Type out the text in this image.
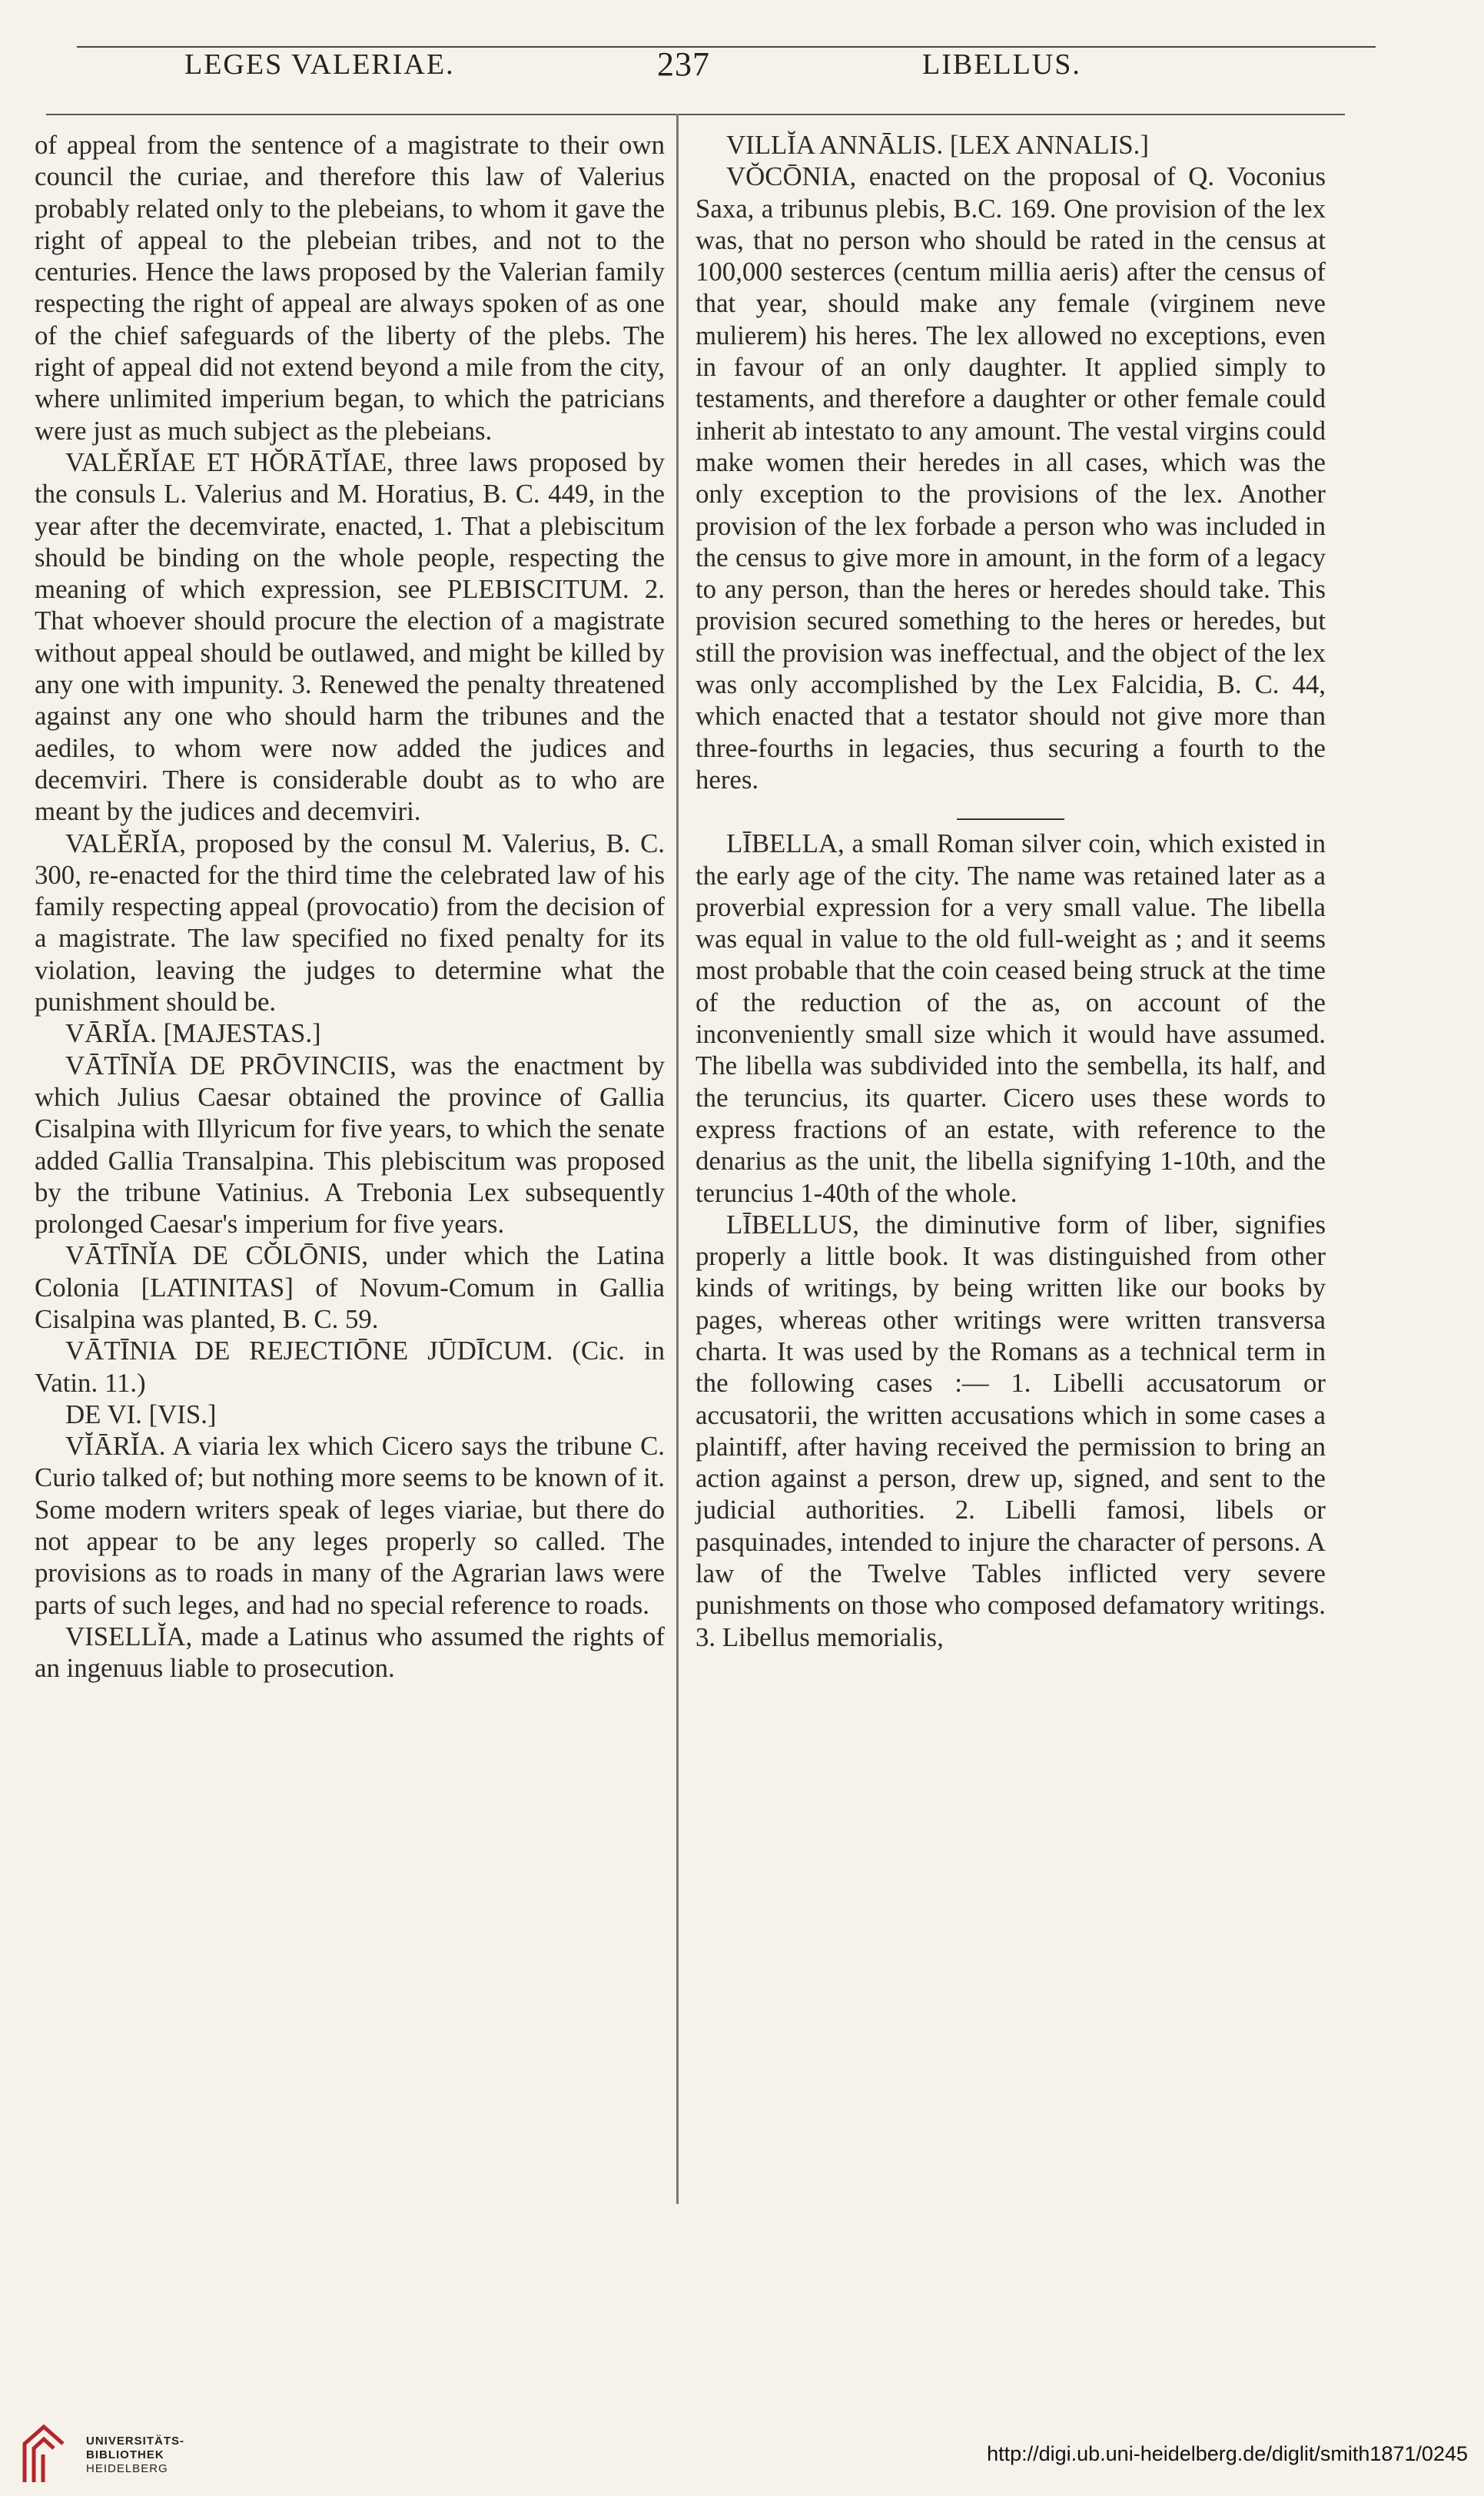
LEGES VALERIAE.	237	LIBELLUS.

of appeal from the sentence of a magistrate to their own council the curiae, and therefore this law of Valerius probably related only to the plebeians, to whom it gave the right of appeal to the plebeian tribes, and not to the centuries. Hence the laws proposed by the Valerian family respecting the right of appeal are always spoken of as one of the chief safeguards of the liberty of the plebs. The right of appeal did not extend beyond a mile from the city, where unlimited imperium began, to which the patricians were just as much subject as the plebeians.

VALĔRĬAE ET HŎRĀTĬAE, three laws proposed by the consuls L. Valerius and M. Horatius, B. C. 449, in the year after the decemvirate, enacted, 1. That a plebiscitum should be binding on the whole people, respecting the meaning of which expression, see PLEBISCITUM. 2. That whoever should procure the election of a magistrate without appeal should be outlawed, and might be killed by any one with impunity. 3. Renewed the penalty threatened against any one who should harm the tribunes and the aediles, to whom were now added the judices and decemviri. There is considerable doubt as to who are meant by the judices and decemviri.

VALĔRĬA, proposed by the consul M. Valerius, B. C. 300, re-enacted for the third time the celebrated law of his family respecting appeal (provocatio) from the decision of a magistrate. The law specified no fixed penalty for its violation, leaving the judges to determine what the punishment should be.

VĀRĬA. [MAJESTAS.]

VĀTĪNĬA DE PRŌVINCIIS, was the enactment by which Julius Caesar obtained the province of Gallia Cisalpina with Illyricum for five years, to which the senate added Gallia Transalpina. This plebiscitum was proposed by the tribune Vatinius. A Trebonia Lex subsequently prolonged Caesar's imperium for five years.

VĀTĪNĬA DE CŎLŌNIS, under which the Latina Colonia [LATINITAS] of Novum-Comum in Gallia Cisalpina was planted, B. C. 59.

VĀTĪNIA DE REJECTIŌNE JŪDĪCUM. (Cic. in Vatin. 11.)

DE VI. [VIS.]

VĬĀRĬA. A viaria lex which Cicero says the tribune C. Curio talked of; but nothing more seems to be known of it. Some modern writers speak of leges viariae, but there do not appear to be any leges properly so called. The provisions as to roads in many of the Agrarian laws were parts of such leges, and had no special reference to roads.

VISELLĬA, made a Latinus who assumed the rights of an ingenuus liable to prosecution.

VILLĬA ANNĀLIS. [LEX ANNALIS.]

VŎCŌNIA, enacted on the proposal of Q. Voconius Saxa, a tribunus plebis, B.C. 169. One provision of the lex was, that no person who should be rated in the census at 100,000 sesterces (centum millia aeris) after the census of that year, should make any female (virginem neve mulierem) his heres. The lex allowed no exceptions, even in favour of an only daughter. It applied simply to testaments, and therefore a daughter or other female could inherit ab intestato to any amount. The vestal virgins could make women their heredes in all cases, which was the only exception to the provisions of the lex. Another provision of the lex forbade a person who was included in the census to give more in amount, in the form of a legacy to any person, than the heres or heredes should take. This provision secured something to the heres or heredes, but still the provision was ineffectual, and the object of the lex was only accomplished by the Lex Falcidia, B. C. 44, which enacted that a testator should not give more than three-fourths in legacies, thus securing a fourth to the heres.

LĪBELLA, a small Roman silver coin, which existed in the early age of the city. The name was retained later as a proverbial expression for a very small value. The libella was equal in value to the old full-weight as ; and it seems most probable that the coin ceased being struck at the time of the reduction of the as, on account of the inconveniently small size which it would have assumed. The libella was subdivided into the sembella, its half, and the teruncius, its quarter. Cicero uses these words to express fractions of an estate, with reference to the denarius as the unit, the libella signifying 1-10th, and the teruncius 1-40th of the whole.

LĪBELLUS, the diminutive form of liber, signifies properly a little book. It was distinguished from other kinds of writings, by being written like our books by pages, whereas other writings were written transversa charta. It was used by the Romans as a technical term in the following cases :— 1. Libelli accusatorum or accusatorii, the written accusations which in some cases a plaintiff, after having received the permission to bring an action against a person, drew up, signed, and sent to the judicial authorities. 2. Libelli famosi, libels or pasquinades, intended to injure the character of persons. A law of the Twelve Tables inflicted very severe punishments on those who composed defamatory writings. 3. Libellus memorialis,

UNIVERSITÄTS-
BIBLIOTHEK
HEIDELBERG
http://digi.ub.uni-heidelberg.de/diglit/smith1871/0245
